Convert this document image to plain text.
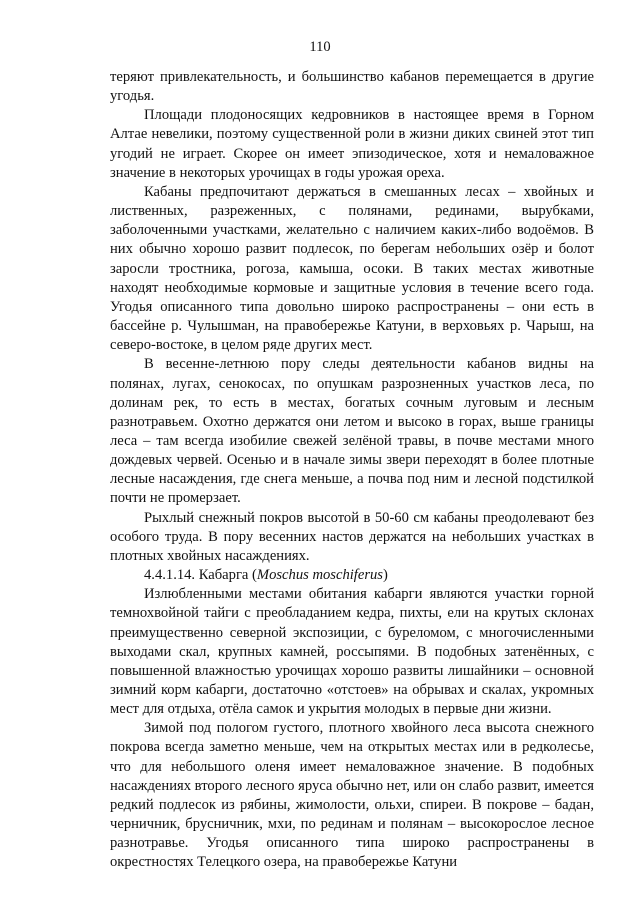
110

теряют привлекательность, и большинство кабанов перемещается в другие угодья.

Площади плодоносящих кедровников в настоящее время в Горном Алтае невелики, поэтому существенной роли в жизни диких свиней этот тип угодий не играет. Скорее он имеет эпизодическое, хотя и немаловажное значение в некоторых урочищах в годы урожая ореха.

Кабаны предпочитают держаться в смешанных лесах – хвойных и лиственных, разреженных, с полянами, рединами, вырубками, заболоченными участками, желательно с наличием каких-либо водоёмов. В них обычно хорошо развит подлесок, по берегам небольших озёр и болот заросли тростника, рогоза, камыша, осоки. В таких местах животные находят необходимые кормовые и защитные условия в течение всего года. Угодья описанного типа довольно широко распространены – они есть в бассейне р. Чулышман, на правобережье Катуни, в верховьях р. Чарыш, на северо-востоке, в целом ряде других мест.

В весенне-летнюю пору следы деятельности кабанов видны на полянах, лугах, сенокосах, по опушкам разрозненных участков леса, по долинам рек, то есть в местах, богатых сочным луговым и лесным разнотравьем. Охотно держатся они летом и высоко в горах, выше границы леса – там всегда изобилие свежей зелёной травы, в почве местами много дождевых червей. Осенью и в начале зимы звери переходят в более плотные лесные насаждения, где снега меньше, а почва под ним и лесной подстилкой почти не промерзает.

Рыхлый снежный покров высотой в 50-60 см кабаны преодолевают без особого труда. В пору весенних настов держатся на небольших участках в плотных хвойных насаждениях.

4.4.1.14. Кабарга (Moschus moschiferus)

Излюбленными местами обитания кабарги являются участки горной темнохвойной тайги с преобладанием кедра, пихты, ели на крутых склонах преимущественно северной экспозиции, с буреломом, с многочисленными выходами скал, крупных камней, россыпями. В подобных затенённых, с повышенной влажностью урочищах хорошо развиты лишайники – основной зимний корм кабарги, достаточно «отстоев» на обрывах и скалах, укромных мест для отдыха, отёла самок и укрытия молодых в первые дни жизни.

Зимой под пологом густого, плотного хвойного леса высота снежного покрова всегда заметно меньше, чем на открытых местах или в редколесье, что для небольшого оленя имеет немаловажное значение. В подобных насаждениях второго лесного яруса обычно нет, или он слабо развит, имеется редкий подлесок из рябины, жимолости, ольхи, спиреи. В покрове – бадан, черничник, брусничник, мхи, по рединам и полянам – высокорослое лесное разнотравье. Угодья описанного типа широко распространены в окрестностях Телецкого озера, на правобережье Катуни
